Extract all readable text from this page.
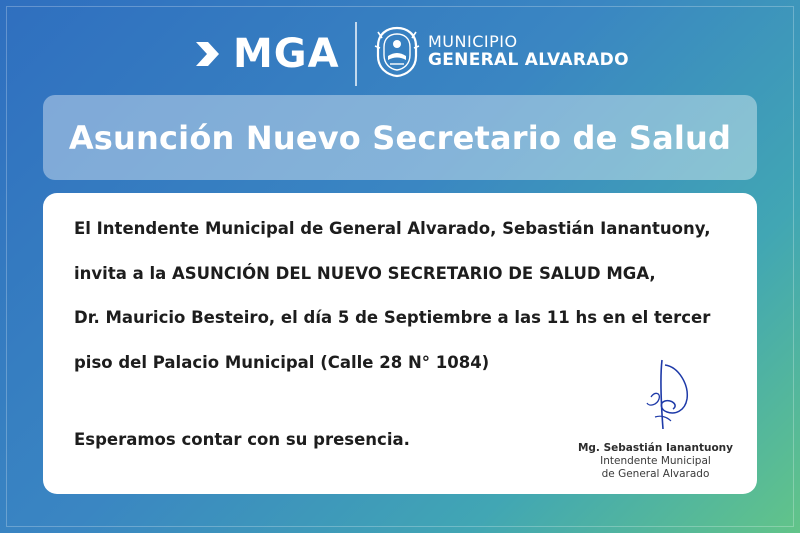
MGA	MUNICIPIO
GENERAL ALVARADO
Asunción Nuevo Secretario de Salud
El Intendente Municipal de General Alvarado, Sebastián Ianantuony,
invita a la ASUNCIÓN DEL NUEVO SECRETARIO DE SALUD MGA,
Dr. Mauricio Besteiro, el día 5 de Septiembre a las 11 hs en el tercer
piso del Palacio Municipal (Calle 28 N° 1084)
Esperamos contar con su presencia.	Mg. Sebastián Ianantuony
Intendente Municipal
de General Alvarado
